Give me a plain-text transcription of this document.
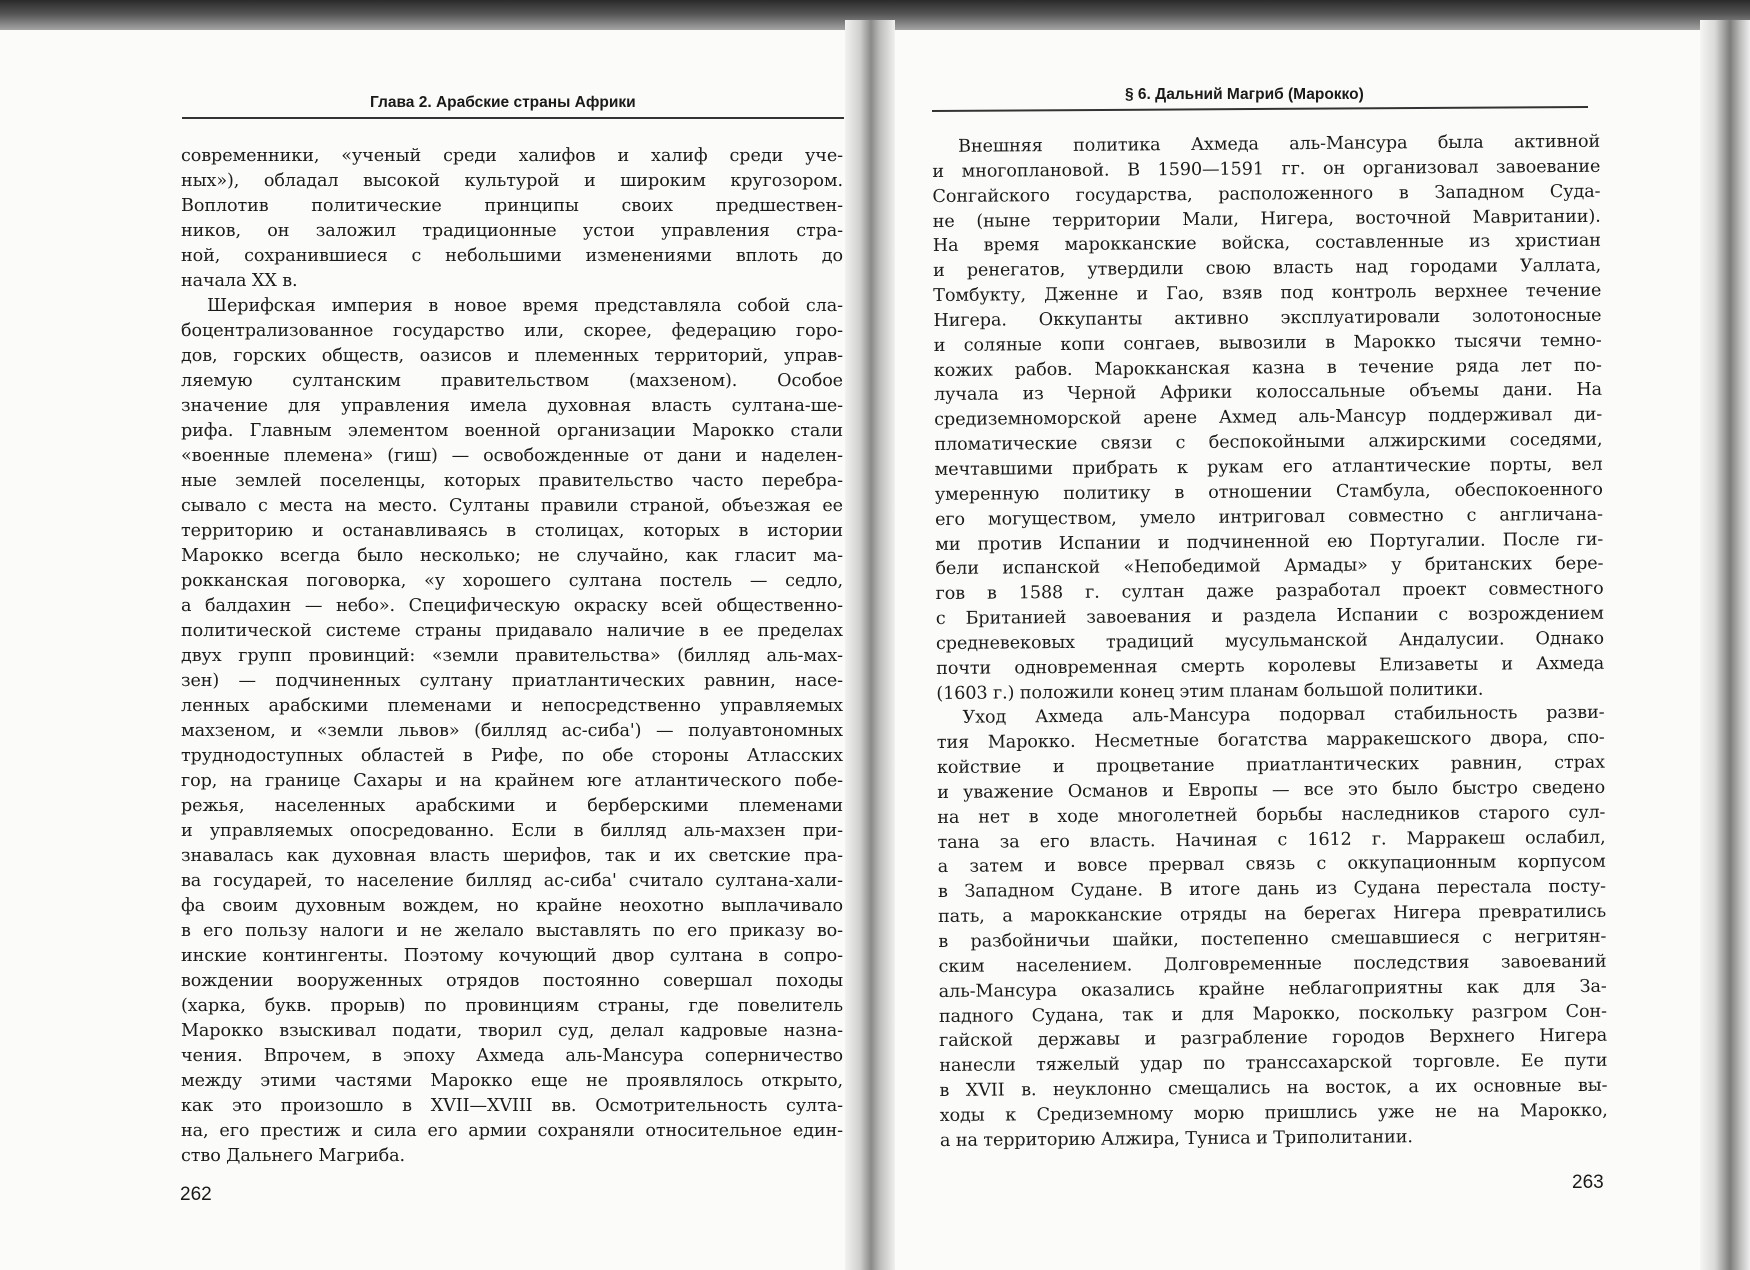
Глава 2. Арабские страны Африки	§ 6. Дальний Магриб (Марокко)
современники, «ученый среди халифов и халиф среди уче-
ных»), обладал высокой культурой и широким кругозором.
Воплотив политические принципы своих предшествен-
ников, он заложил традиционные устои управления стра-
ной, сохранившиеся с небольшими изменениями вплоть до
начала XX в.
Шерифская империя в новое время представляла собой сла-
боцентрализованное государство или, скорее, федерацию горо-
дов, горских обществ, оазисов и племенных территорий, управ-
ляемую султанским правительством (махзеном). Особое
значение для управления имела духовная власть султана-ше-
рифа. Главным элементом военной организации Марокко стали
«военные племена» (гиш) — освобожденные от дани и наделен-
ные землей поселенцы, которых правительство часто перебра-
сывало с места на место. Султаны правили страной, объезжая ее
территорию и останавливаясь в столицах, которых в истории
Марокко всегда было несколько; не случайно, как гласит ма-
рокканская поговорка, «у хорошего султана постель — седло,
а балдахин — небо». Специфическую окраску всей общественно-
политической системе страны придавало наличие в ее пределах
двух групп провинций: «земли правительства» (билляд аль-мах-
зен) — подчиненных султану приатлантических равнин, насе-
ленных арабскими племенами и непосредственно управляемых
махзеном, и «земли львов» (билляд ас-сиба') — полуавтономных
труднодоступных областей в Рифе, по обе стороны Атласских
гор, на границе Сахары и на крайнем юге атлантического побе-
режья, населенных арабскими и берберскими племенами
и управляемых опосредованно. Если в билляд аль-махзен при-
знавалась как духовная власть шерифов, так и их светские пра-
ва государей, то население билляд ас-сиба' считало султана-хали-
фа своим духовным вождем, но крайне неохотно выплачивало
в его пользу налоги и не желало выставлять по его приказу во-
инские контингенты. Поэтому кочующий двор султана в сопро-
вождении вооруженных отрядов постоянно совершал походы
(харка, букв. прорыв) по провинциям страны, где повелитель
Марокко взыскивал подати, творил суд, делал кадровые назна-
чения. Впрочем, в эпоху Ахмеда аль-Мансура соперничество
между этими частями Марокко еще не проявлялось открыто,
как это произошло в XVII—XVIII вв. Осмотрительность султа-
на, его престиж и сила его армии сохраняли относительное един-
ство Дальнего Магриба.
Внешняя политика Ахмеда аль-Мансура была активной
и многоплановой. В 1590—1591 гг. он организовал завоевание
Сонгайского государства, расположенного в Западном Суда-
не (ныне территории Мали, Нигера, восточной Мавритании).
На время марокканские войска, составленные из христиан
и ренегатов, утвердили свою власть над городами Уаллата,
Томбукту, Дженне и Гао, взяв под контроль верхнее течение
Нигера. Оккупанты активно эксплуатировали золотоносные
и соляные копи сонгаев, вывозили в Марокко тысячи темно-
кожих рабов. Марокканская казна в течение ряда лет по-
лучала из Черной Африки колоссальные объемы дани. На
средиземноморской арене Ахмед аль-Мансур поддерживал ди-
пломатические связи с беспокойными алжирскими соседями,
мечтавшими прибрать к рукам его атлантические порты, вел
умеренную политику в отношении Стамбула, обеспокоенного
его могуществом, умело интриговал совместно с англичана-
ми против Испании и подчиненной ею Португалии. После ги-
бели испанской «Непобедимой Армады» у британских бере-
гов в 1588 г. султан даже разработал проект совместного
с Британией завоевания и раздела Испании с возрождением
средневековых традиций мусульманской Андалусии. Однако
почти одновременная смерть королевы Елизаветы и Ахмеда
(1603 г.) положили конец этим планам большой политики.
Уход Ахмеда аль-Мансура подорвал стабильность разви-
тия Марокко. Несметные богатства марракешского двора, спо-
койствие и процветание приатлантических равнин, страх
и уважение Османов и Европы — все это было быстро сведено
на нет в ходе многолетней борьбы наследников старого сул-
тана за его власть. Начиная с 1612 г. Марракеш ослабил,
а затем и вовсе прервал связь с оккупационным корпусом
в Западном Судане. В итоге дань из Судана перестала посту-
пать, а марокканские отряды на берегах Нигера превратились
в разбойничьи шайки, постепенно смешавшиеся с негритян-
ским населением. Долговременные последствия завоеваний
аль-Мансура оказались крайне неблагоприятны как для За-
падного Судана, так и для Марокко, поскольку разгром Сон-
гайской державы и разграбление городов Верхнего Нигера
нанесли тяжелый удар по транссахарской торговле. Ее пути
в XVII в. неуклонно смещались на восток, а их основные вы-
ходы к Средиземному морю пришлись уже не на Марокко,
а на территорию Алжира, Туниса и Триполитании.
262
263
